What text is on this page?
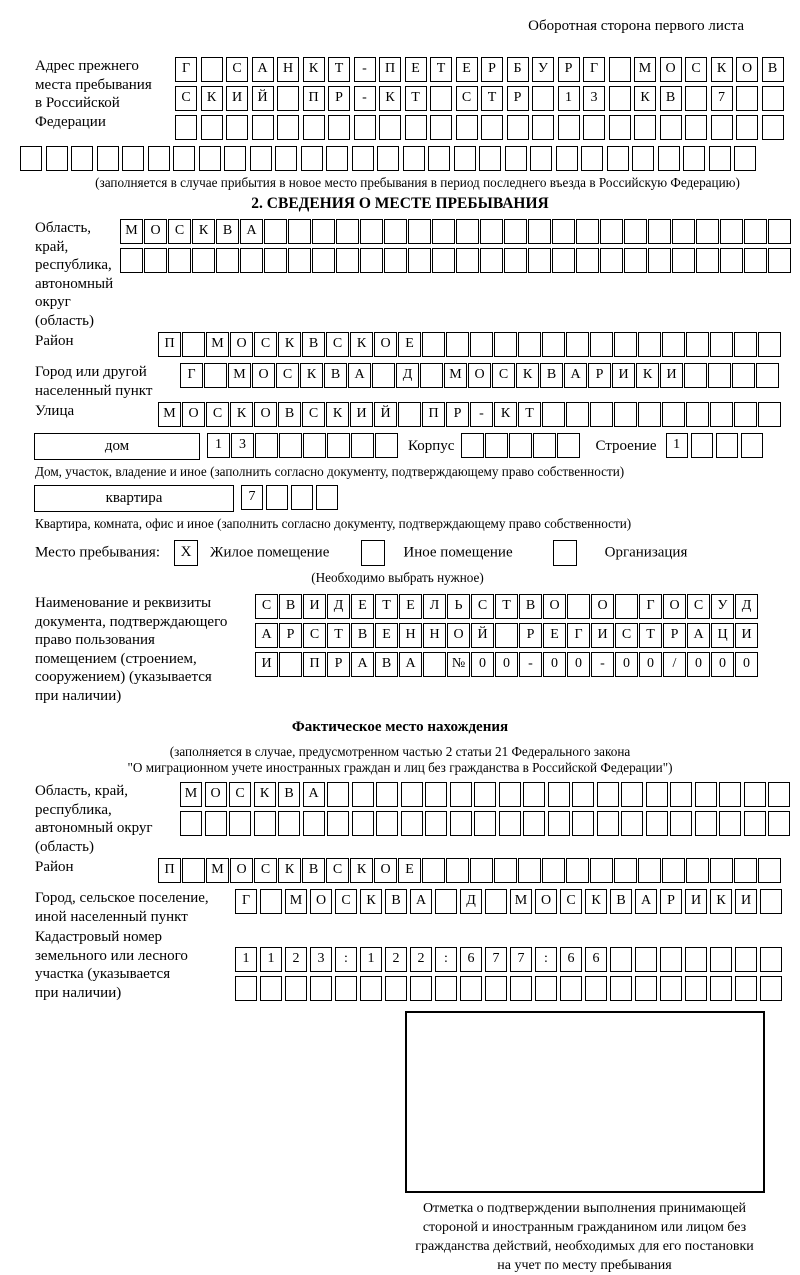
Оборотная сторона первого листа
Адрес прежнего
места пребывания
в Российской
Федерации
Г	С А Н К Т - П Е Т Е Р Б У Р Г	М О С К О В
С К И Й	П Р - К Т	С Т Р	1 3	К В	7
(заполняется в случае прибытия в новое место пребывания в период последнего въезда в Российскую Федерацию)
2. СВЕДЕНИЯ О МЕСТЕ ПРЕБЫВАНИЯ
Область, край,
республика,
автономный
округ (область)
М О С К В А
Район	П	М О С К В С К О Е
Город или другой
населенный пункт
Г	М О С К В А	Д	М О С К В А Р И К И
Улица	М О С К О В С К И Й	П Р - К Т
дом	1 3	Корпус	Строение 1
Дом, участок, владение и иное (заполнить согласно документу, подтверждающему право собственности)
квартира	7
Квартира, комната, офис и иное (заполнить согласно документу, подтверждающему право собственности)
Место пребывания: X Жилое помещение	Иное помещение	Организация
(Необходимо выбрать нужное)
Наименование и реквизиты
документа, подтверждающего
право пользования
помещением (строением,
сооружением) (указывается
при наличии)
С В И Д Е Т Е Л Ь С Т В О	О	Г О С У Д
А Р С Т В Е Н Н О Й	Р Е Г И С Т Р А Ц И
И	П Р А В А	№ 0 0 - 0 0 - 0 0 / 0 0 0
Фактическое место нахождения
(заполняется в случае, предусмотренном частью 2 статьи 21 Федерального закона
"О миграционном учете иностранных граждан и лиц без гражданства в Российской Федерации")
Область, край,
республика,
автономный округ
(область)
М О С К В А
Район	П	М О С К В С К О Е
Город, сельское поселение,
иной населенный пункт
Г	М О С К В А	Д	М О С К В А Р И К И
Кадастровый номер
земельного или лесного
участка (указывается
при наличии)
1 1 2 3 : 1 2 2 : 6 7 7 : 6 6
Отметка о подтверждении выполнения принимающей
стороной и иностранным гражданином или лицом без
гражданства действий, необходимых для его постановки
на учет по месту пребывания
